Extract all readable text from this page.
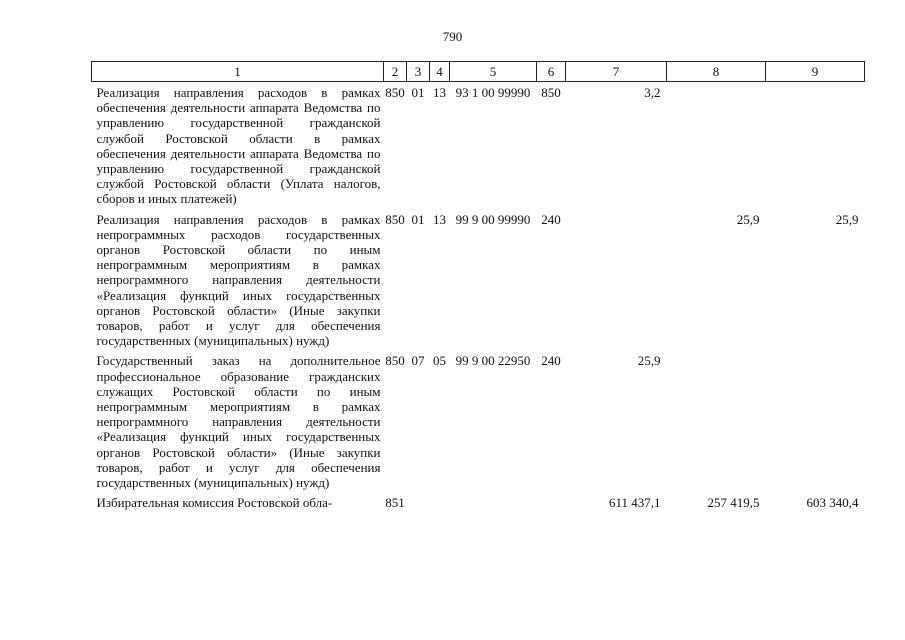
790
1	2	3	4	5	6	7	8	9
Реализация направления расходов в рамках обеспечения деятельности аппарата Ведомства по управлению государственной гражданской службой Ростовской области в рамках обеспечения деятельности аппарата Ведомства по управлению государственной гражданской службой Ростовской области (Уплата налогов, сборов и иных платежей)	850	01	13	93 1 00 99990	850	3,2		
Реализация направления расходов в рамках непрограммных расходов государственных органов Ростовской области по иным непрограммным мероприятиям в рамках непрограммного направления деятельности «Реализация функций иных государственных органов Ростовской области» (Иные закупки товаров, работ и услуг для обеспечения государственных (муниципальных) нужд)	850	01	13	99 9 00 99990	240		25,9	25,9
Государственный заказ на дополнительное профессиональное образование гражданских служащих Ростовской области по иным непрограммным мероприятиям в рамках непрограммного направления деятельности «Реализация функций иных государственных органов Ростовской области» (Иные закупки товаров, работ и услуг для обеспечения государственных (муниципальных) нужд)	850	07	05	99 9 00 22950	240	25,9		
Избирательная комиссия Ростовской обла-	851					611 437,1	257 419,5	603 340,4
